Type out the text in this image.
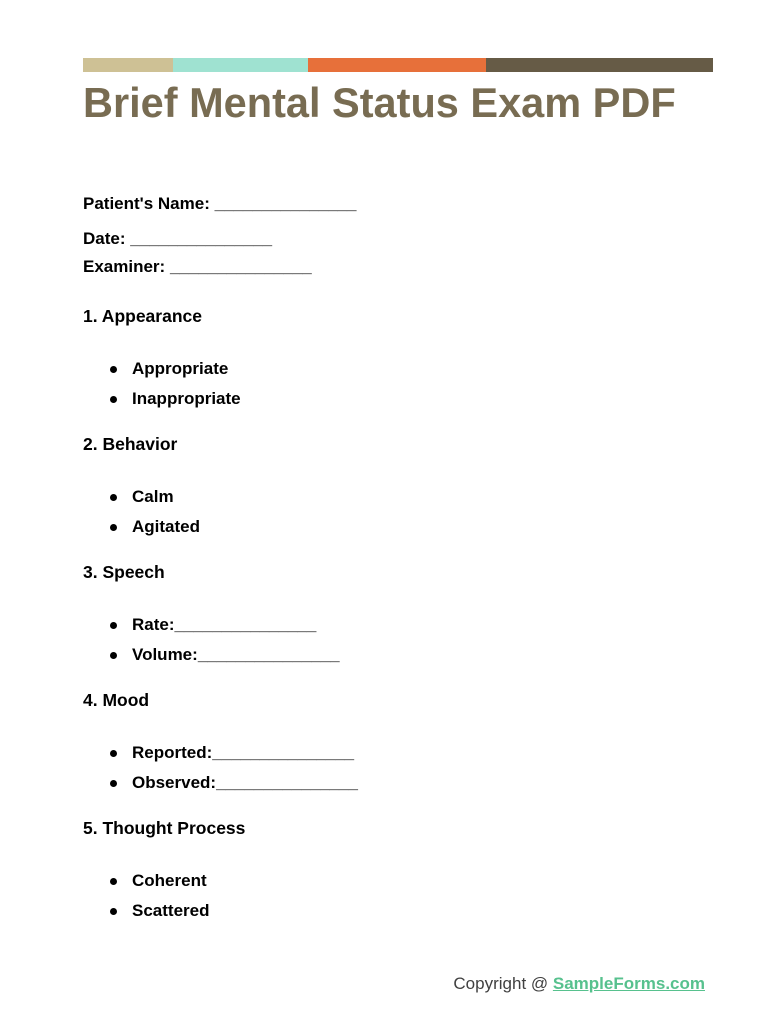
Brief Mental Status Exam PDF
Patient's Name: _______________
Date: _______________
Examiner: _______________
1. Appearance
Appropriate
Inappropriate
2. Behavior
Calm
Agitated
3. Speech
Rate: _______________
Volume: _______________
4. Mood
Reported: _______________
Observed: _______________
5. Thought Process
Coherent
Scattered
Copyright @ SampleForms.com
